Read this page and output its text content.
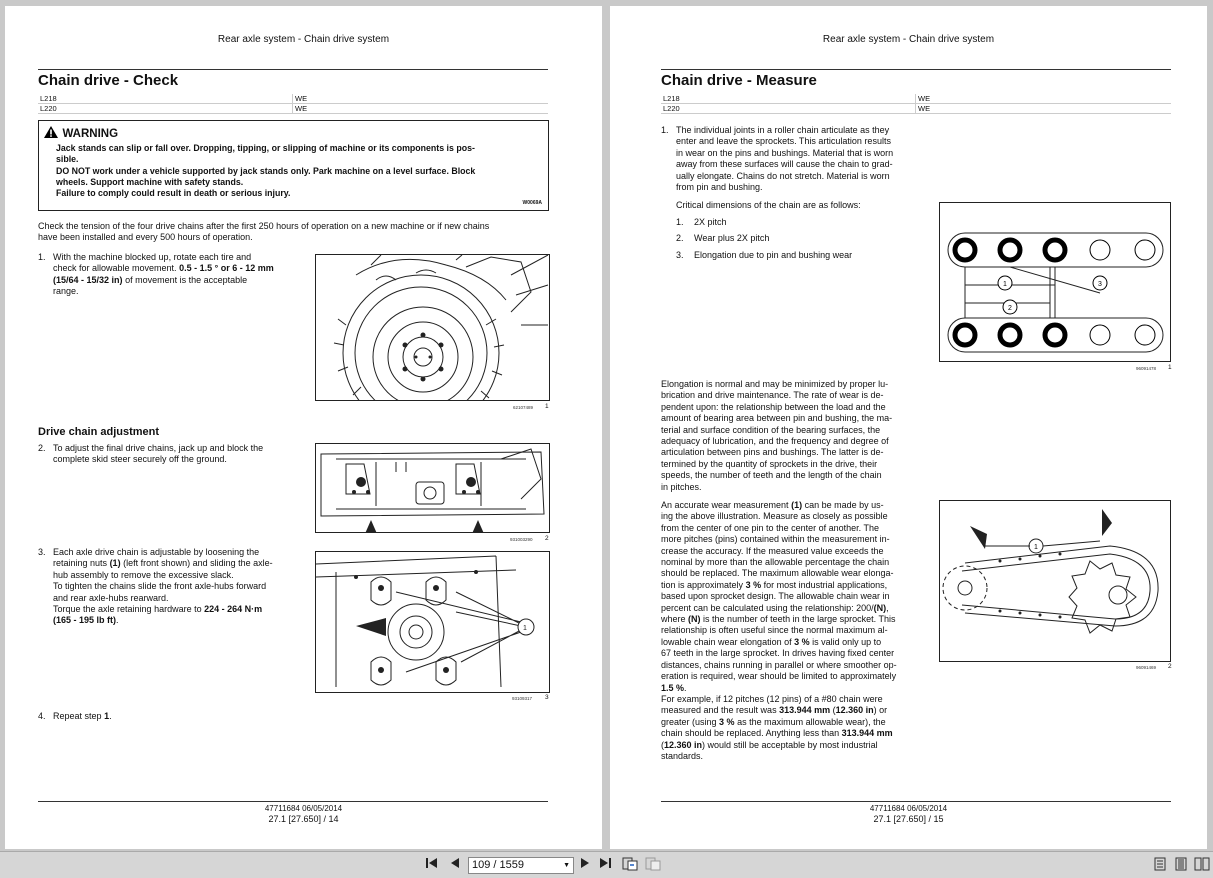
Rear axle system - Chain drive system
Chain drive - Check
L218	WE
L220	WE
WARNING
Jack stands can slip or fall over. Dropping, tipping, or slipping of machine or its components is pos-
sible.
DO NOT work under a vehicle supported by jack stands only. Park machine on a level surface. Block
wheels. Support machine with safety stands.
Failure to comply could result in death or serious injury.
W0069A
Check the tension of the four drive chains after the first 250 hours of operation on a new machine or if new chains
have been installed and every 500 hours of operation.
1. With the machine blocked up, rotate each tire and
check for allowable movement. 0.5 - 1.5 ° or 6 - 12 mm
(15/64 - 15/32 in) of movement is the acceptable
range.
62107489 1
Drive chain adjustment
2. To adjust the final drive chains, jack up and block the
complete skid steer securely off the ground.
931003290 2
3. Each axle drive chain is adjustable by loosening the
retaining nuts (1) (left front shown) and sliding the axle-
hub assembly to remove the excessive slack.
To tighten the chains slide the front axle-hubs forward
and rear axle-hubs rearward.
Torque the axle retaining hardware to 224 - 264 N·m
(165 - 195 lb ft).
1
93109317 3
4. Repeat step 1.
47711684 06/05/2014
27.1 [27.650] / 14
Rear axle system - Chain drive system
Chain drive - Measure
L218	WE
L220	WE
1. The individual joints in a roller chain articulate as they
enter and leave the sprockets. This articulation results
in wear on the pins and bushings. Material that is worn
away from these surfaces will cause the chain to grad-
ually elongate. Chains do not stretch. Material is worn
from pin and bushing.
Critical dimensions of the chain are as follows:
1. 2X pitch
2. Wear plus 2X pitch
3. Elongation due to pin and bushing wear
1
2
3
96091478 1
Elongation is normal and may be minimized by proper lu-
brication and drive maintenance. The rate of wear is de-
pendent upon: the relationship between the load and the
amount of bearing area between pin and bushing, the ma-
terial and surface condition of the bearing surfaces, the
adequacy of lubrication, and the frequency and degree of
articulation between pins and bushings. The latter is de-
termined by the quantity of sprockets in the drive, their
speeds, the number of teeth and the length of the chain
in pitches.
An accurate wear measurement (1) can be made by us-
ing the above illustration. Measure as closely as possible
from the center of one pin to the center of another. The
more pitches (pins) contained within the measurement in-
crease the accuracy. If the measured value exceeds the
nominal by more than the allowable percentage the chain
should be replaced. The maximum allowable wear elonga-
tion is approximately 3 % for most industrial applications,
based upon sprocket design. The allowable chain wear in
percent can be calculated using the relationship: 200/(N),
where (N) is the number of teeth in the large sprocket. This
relationship is often useful since the normal maximum al-
lowable chain wear elongation of 3 % is valid only up to
67 teeth in the large sprocket. In drives having fixed center
distances, chains running in parallel or where smoother op-
eration is required, wear should be limited to approximately
1.5 %.
For example, if 12 pitches (12 pins) of a #80 chain were
measured and the result was 313.944 mm (12.360 in) or
greater (using 3 % as the maximum allowable wear), the
chain should be replaced. Anything less than 313.944 mm
(12.360 in) would still be acceptable by most industrial
standards.
1
96091469 2
47711684 06/05/2014
27.1 [27.650] / 15
109 / 1559	▼
